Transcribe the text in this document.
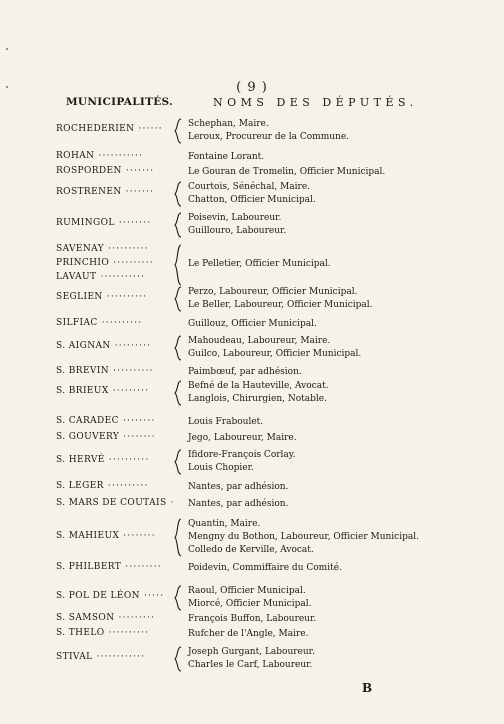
( 9 )
MUNICIPALITÉS.	NOMS DES DÉPUTÉS.
ROCHEDERIEN ······	Schephan, Maire.
Leroux, Procureur de la Commune.
ROHAN ···········	Fontaine Lorant.
ROSPORDEN ·······	Le Gouran de Tromelin, Officier Municipal.
ROSTRENEN ·······	Courtois, Sénéchal, Maire.
Chatton, Officier Municipal.
RUMINGOL ········	Poisevin, Laboureur.
Guillouro, Laboureur.
SAVENAY ··········
PRINCHIO ··········	Le Pelletier, Officier Municipal.
LAVAUT ···········
SEGLIEN ··········	Perzo, Laboureur, Officier Municipal.
Le Beller, Laboureur, Officier Municipal.
SILFIAC ··········	Guillouz, Officier Municipal.
S. AIGNAN ·········	Mahoudeau, Laboureur, Maire.
Guilco, Laboureur, Officier Municipal.
S. BREVIN ··········	Paimbœuf, par adhésion.
S. BRIEUX ·········	Befné de la Hauteville, Avocat.
Langlois, Chirurgien, Notable.
S. CARADEC ········	Louis Fraboulet.
S. GOUVERY ········	Jego, Laboureur, Maire.
S. HERVÉ ··········	Ifidore-François Corlay.
Louis Chopier.
S. LEGER ··········	Nantes, par adhésion.
S. MARS DE COUTAIS · Nantes, par adhésion.
S. MAHIEUX ········
Quantin, Maire.
Mengny du Bothon, Laboureur, Officier Municipal.
Colledo de Kerville, Avocat.
S. PHILBERT ·········	Poidevin, Commiffaire du Comité.
S. POL DE LÉON ·····	Raoul, Officier Municipal.
Miorcé, Officier Municipal.
S. SAMSON ·········	François Buffon, Laboureur.
S. THELO ··········	Rufcher de l'Angle, Maire.
STIVAL ············	Joseph Gurgant, Laboureur.
Charles le Carf, Laboureur.
B
